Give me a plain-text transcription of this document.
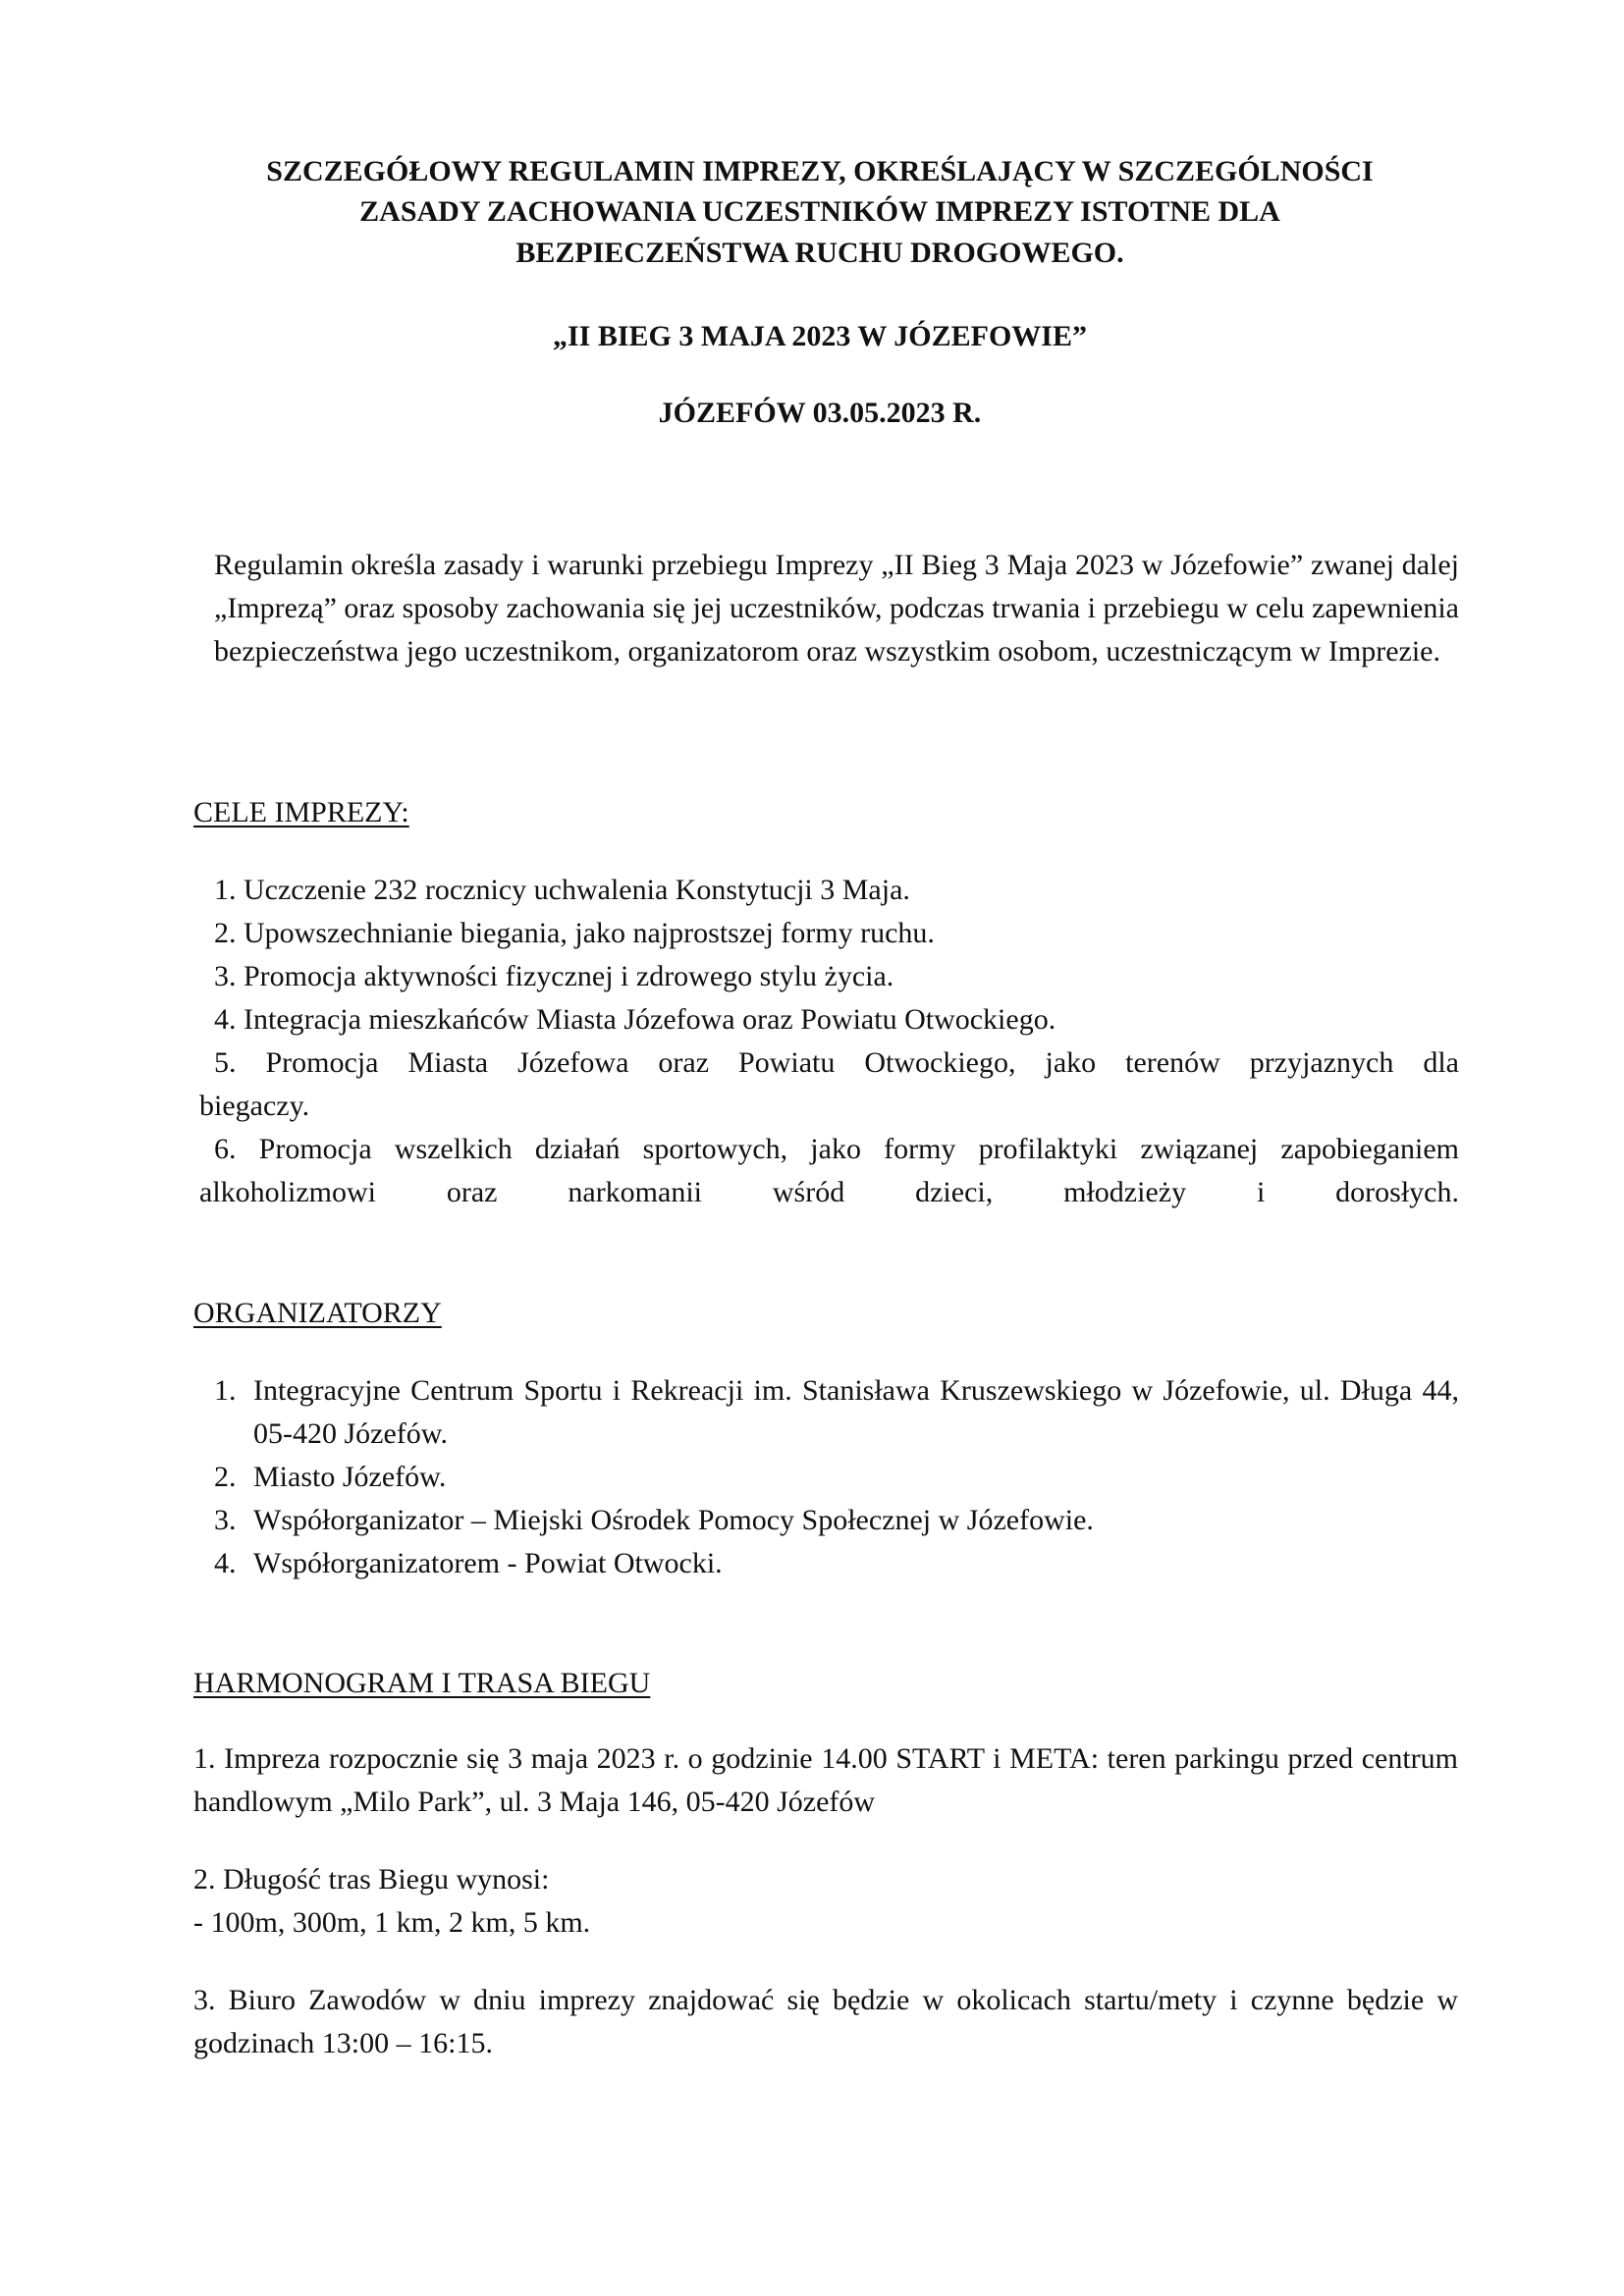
SZCZEGÓŁOWY REGULAMIN IMPREZY, OKREŚLAJĄCY W SZCZEGÓLNOŚCI

ZASADY ZACHOWANIA UCZESTNIKÓW IMPREZY ISTOTNE DLA

BEZPIECZEŃSTWA RUCHU DROGOWEGO.

„II BIEG 3 MAJA 2023 W JÓZEFOWIE”

JÓZEFÓW 03.05.2023 R.

Regulamin określa zasady i warunki przebiegu Imprezy „II Bieg 3 Maja 2023 w Józefowie” zwanej dalej „Imprezą” oraz sposoby zachowania się jej uczestników, podczas trwania i przebiegu w celu zapewnienia bezpieczeństwa jego uczestnikom, organizatorom oraz wszystkim osobom, uczestniczącym w Imprezie.

CELE IMPREZY:

1. Uczczenie 232 rocznicy uchwalenia Konstytucji 3 Maja.
2. Upowszechnianie biegania, jako najprostszej formy ruchu.
3. Promocja aktywności fizycznej i zdrowego stylu życia.
4. Integracja mieszkańców Miasta Józefowa oraz Powiatu Otwockiego.

5. Promocja Miasta Józefowa oraz Powiatu Otwockiego, jako terenów przyjaznych dla

biegaczy.

6. Promocja wszelkich działań sportowych, jako formy profilaktyki związanej zapobieganiem

alkoholizmowi oraz narkomanii wśród dzieci, młodzieży i dorosłych.

ORGANIZATORZY

1. Integracyjne Centrum Sportu i Rekreacji im. Stanisława Kruszewskiego w Józefowie, ul. Długa 44, 05-420 Józefów.
2. Miasto Józefów.
3. Współorganizator – Miejski Ośrodek Pomocy Społecznej w Józefowie.
4. Współorganizatorem - Powiat Otwocki.

HARMONOGRAM I TRASA BIEGU

1. Impreza rozpocznie się 3 maja 2023 r. o godzinie 14.00 START i META: teren parkingu przed centrum handlowym „Milo Park”, ul. 3 Maja 146, 05-420 Józefów

2. Długość tras Biegu wynosi:

- 100m, 300m, 1 km, 2 km, 5 km.

3. Biuro Zawodów w dniu imprezy znajdować się będzie w okolicach startu/mety i czynne będzie w godzinach 13:00 – 16:15.
